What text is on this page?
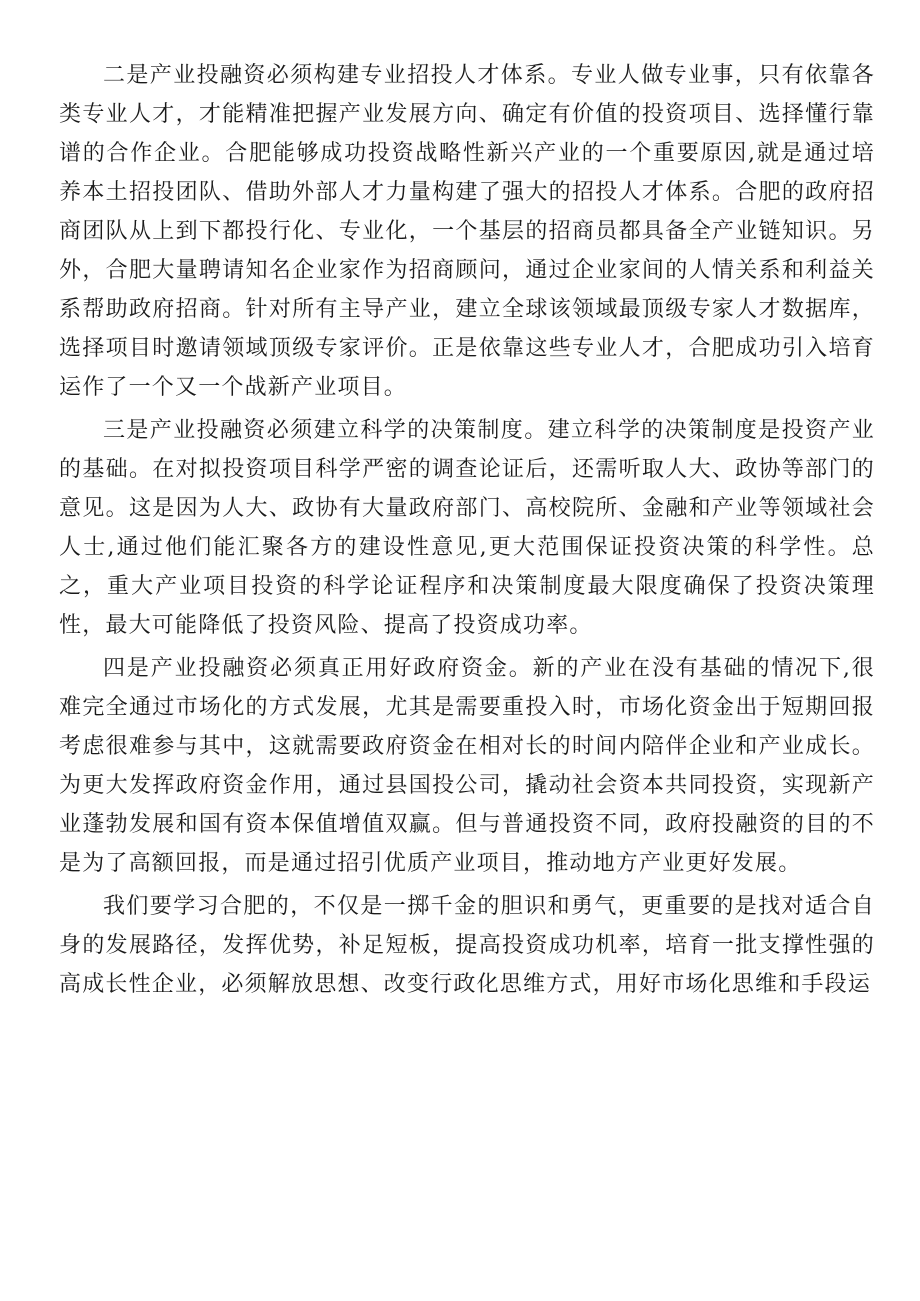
二是产业投融资必须构建专业招投人才体系。专业人做专业事，只有依靠各类专业人才，才能精准把握产业发展方向、确定有价值的投资项目、选择懂行靠谱的合作企业。合肥能够成功投资战略性新兴产业的一个重要原因,就是通过培养本土招投团队、借助外部人才力量构建了强大的招投人才体系。合肥的政府招商团队从上到下都投行化、专业化，一个基层的招商员都具备全产业链知识。另外，合肥大量聘请知名企业家作为招商顾问，通过企业家间的人情关系和利益关系帮助政府招商。针对所有主导产业，建立全球该领域最顶级专家人才数据库，选择项目时邀请领域顶级专家评价。正是依靠这些专业人才，合肥成功引入培育运作了一个又一个战新产业项目。

三是产业投融资必须建立科学的决策制度。建立科学的决策制度是投资产业的基础。在对拟投资项目科学严密的调查论证后，还需听取人大、政协等部门的意见。这是因为人大、政协有大量政府部门、高校院所、金融和产业等领域社会人士,通过他们能汇聚各方的建设性意见,更大范围保证投资决策的科学性。总之，重大产业项目投资的科学论证程序和决策制度最大限度确保了投资决策理性，最大可能降低了投资风险、提高了投资成功率。

四是产业投融资必须真正用好政府资金。新的产业在没有基础的情况下,很难完全通过市场化的方式发展，尤其是需要重投入时，市场化资金出于短期回报考虑很难参与其中，这就需要政府资金在相对长的时间内陪伴企业和产业成长。为更大发挥政府资金作用，通过县国投公司，撬动社会资本共同投资，实现新产业蓬勃发展和国有资本保值增值双赢。但与普通投资不同，政府投融资的目的不是为了高额回报，而是通过招引优质产业项目，推动地方产业更好发展。

我们要学习合肥的，不仅是一掷千金的胆识和勇气，更重要的是找对适合自身的发展路径，发挥优势，补足短板，提高投资成功机率，培育一批支撑性强的高成长性企业，必须解放思想、改变行政化思维方式，用好市场化思维和手段运
